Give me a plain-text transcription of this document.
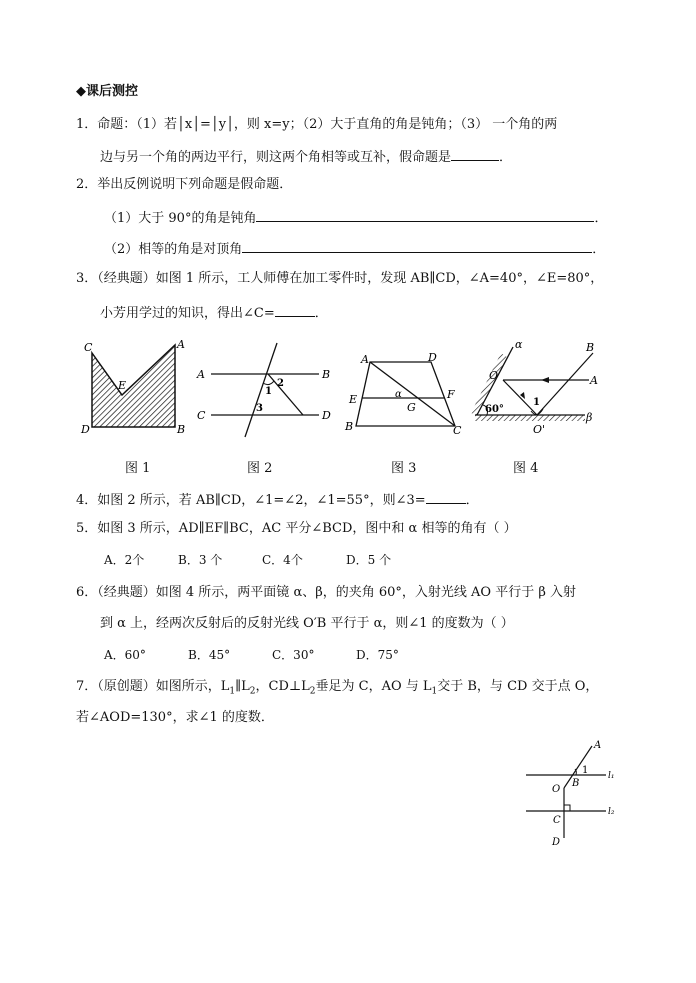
◆课后测控
1．命题：（1）若│x│=│y│，则 x=y；（2）大于直角的角是钝角；（3） 一个角的两
边与另一个角的两边平行，则这两个角相等或互补，假命题是	．
2．举出反例说明下列命题是假命题．
（1）大于 90°的角是钝角	．
（2）相等的角是对顶角	．
3．（经典题）如图 1 所示，工人师傅在加工零件时，发现 AB∥CD，∠A=40°，∠E=80°，
小芳用学过的知识，得出∠C=	．
C	A
E
D	B
A	B
C	D
1
2
3
A	D
E	F
B	C
G
α
α	B
O	A
60°
1
O'
β
图 1	图 2	图 3	图 4
4．如图 2 所示，若 AB∥CD，∠1=∠2，∠1=55°，则∠3=	．
5．如图 3 所示，AD∥EF∥BC，AC 平分∠BCD，图中和 α 相等的角有（ ）
A．2个	B．3 个	C．4个	D．5 个
6．（经典题）如图 4 所示，两平面镜 α、β，的夹角 60°，入射光线 AO 平行于 β 入射
到 α 上，经两次反射后的反射光线 O′B 平行于 α，则∠1 的度数为（ ）
A．60°	B．45°	C．30°	D．75°
7．（原创题）如图所示，$L_1\parallel L_2$，$CD\perp L_2$垂足为 C，AO 与 $L_1$交于 B，与 CD 交于点 O，
若∠AOD=130°，求∠1 的度数．
A
1 l₁
B
O
l₂
C
D
